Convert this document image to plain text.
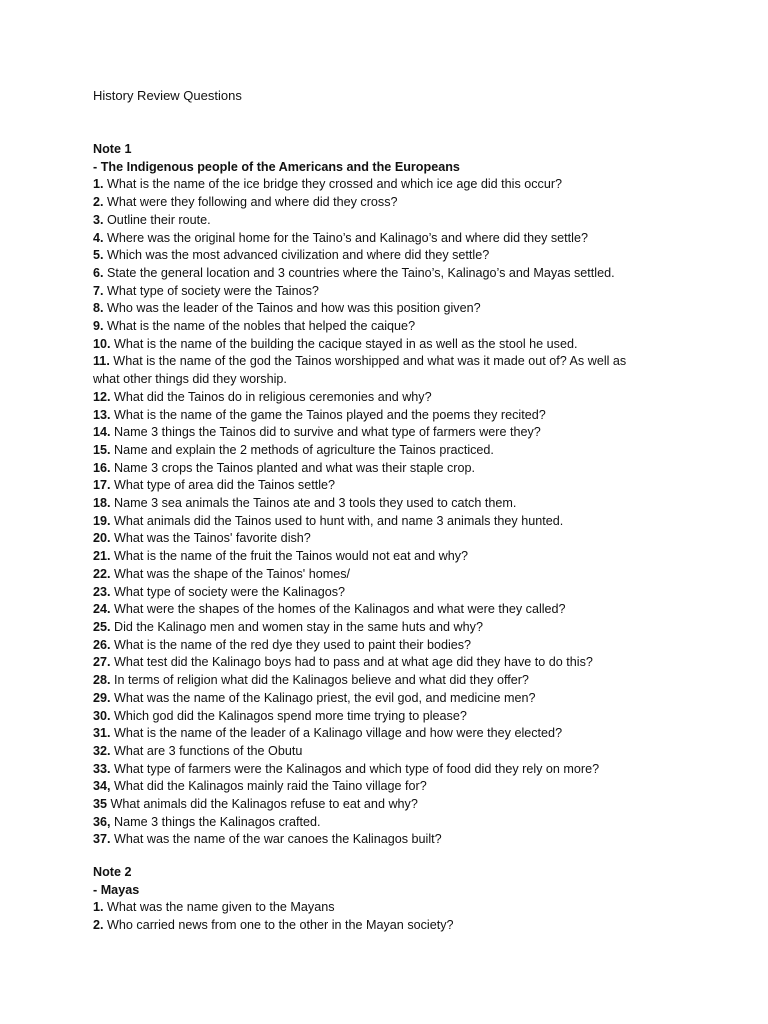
History Review Questions

Note 1

- The Indigenous people of the Americans and the Europeans

1. What is the name of the ice bridge they crossed and which ice age did this occur?
2. What were they following and where did they cross?
3. Outline their route.
4. Where was the original home for the Taino’s and Kalinago’s and where did they settle?
5. Which was the most advanced civilization and where did they settle?
6. State the general location and 3 countries where the Taino’s, Kalinago’s and Mayas settled.
7. What type of society were the Tainos?
8. Who was the leader of the Tainos and how was this position given?
9. What is the name of the nobles that helped the caique?
10. What is the name of the building the cacique stayed in as well as the stool he used.
11. What is the name of the god the Tainos worshipped and what was it made out of? As well as what other things did they worship.
12. What did the Tainos do in religious ceremonies and why?
13. What is the name of the game the Tainos played and the poems they recited?
14. Name 3 things the Tainos did to survive and what type of farmers were they?
15. Name and explain the 2 methods of agriculture the Tainos practiced.
16. Name 3 crops the Tainos planted and what was their staple crop.
17. What type of area did the Tainos settle?
18. Name 3 sea animals the Tainos ate and 3 tools they used to catch them.
19. What animals did the Tainos used to hunt with, and name 3 animals they hunted.
20. What was the Tainos' favorite dish?
21. What is the name of the fruit the Tainos would not eat and why?
22. What was the shape of the Tainos' homes/
23. What type of society were the Kalinagos?
24. What were the shapes of the homes of the Kalinagos and what were they called?
25. Did the Kalinago men and women stay in the same huts and why?
26. What is the name of the red dye they used to paint their bodies?
27. What test did the Kalinago boys had to pass and at what age did they have to do this?
28. In terms of religion what did the Kalinagos believe and what did they offer?
29. What was the name of the Kalinago priest, the evil god, and medicine men?
30. Which god did the Kalinagos spend more time trying to please?
31. What is the name of the leader of a Kalinago village and how were they elected?
32. What are 3 functions of the Obutu
33. What type of farmers were the Kalinagos and which type of food did they rely on more?
34, What did the Kalinagos mainly raid the Taino village for?
35 What animals did the Kalinagos refuse to eat and why?
36, Name 3 things the Kalinagos crafted.
37. What was the name of the war canoes the Kalinagos built?

Note 2

- Mayas

1. What was the name given to the Mayans
2. Who carried news from one to the other in the Mayan society?
